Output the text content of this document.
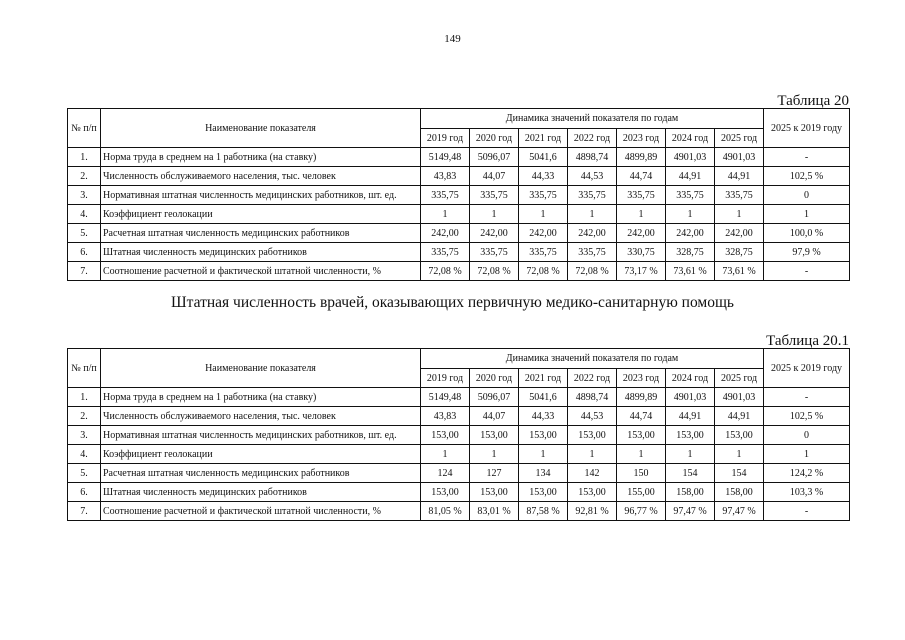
149
Таблица 20
№ п/п	Наименование показателя	Динамика значений показателя по годам							2025 к 2019 году
		2019 год	2020 год	2021 год	2022 год	2023 год	2024 год	2025 год	
1.	Норма труда в среднем на 1 работника (на ставку)	5149,48	5096,07	5041,6	4898,74	4899,89	4901,03	4901,03	-
2.	Численность обслуживаемого населения, тыс. человек	43,83	44,07	44,33	44,53	44,74	44,91	44,91	102,5 %
3.	Нормативная штатная численность медицинских работников, шт. ед.	335,75	335,75	335,75	335,75	335,75	335,75	335,75	0
4.	Коэффициент геолокации	1	1	1	1	1	1	1	1
5.	Расчетная штатная численность медицинских работников	242,00	242,00	242,00	242,00	242,00	242,00	242,00	100,0 %
6.	Штатная численность медицинских работников	335,75	335,75	335,75	335,75	330,75	328,75	328,75	97,9 %
7.	Соотношение расчетной и фактической штатной численности, %	72,08 %	72,08 %	72,08 %	72,08 %	73,17 %	73,61 %	73,61 %	-
Штатная численность врачей, оказывающих первичную медико-санитарную помощь
Таблица 20.1
№ п/п	Наименование показателя	Динамика значений показателя по годам							2025 к 2019 году
		2019 год	2020 год	2021 год	2022 год	2023 год	2024 год	2025 год	
1.	Норма труда в среднем на 1 работника (на ставку)	5149,48	5096,07	5041,6	4898,74	4899,89	4901,03	4901,03	-
2.	Численность обслуживаемого населения, тыс. человек	43,83	44,07	44,33	44,53	44,74	44,91	44,91	102,5 %
3.	Нормативная штатная численность медицинских работников, шт. ед.	153,00	153,00	153,00	153,00	153,00	153,00	153,00	0
4.	Коэффициент геолокации	1	1	1	1	1	1	1	1
5.	Расчетная штатная численность медицинских работников	124	127	134	142	150	154	154	124,2 %
6.	Штатная численность медицинских работников	153,00	153,00	153,00	153,00	155,00	158,00	158,00	103,3 %
7.	Соотношение расчетной и фактической штатной численности, %	81,05 %	83,01 %	87,58 %	92,81 %	96,77 %	97,47 %	97,47 %	-
